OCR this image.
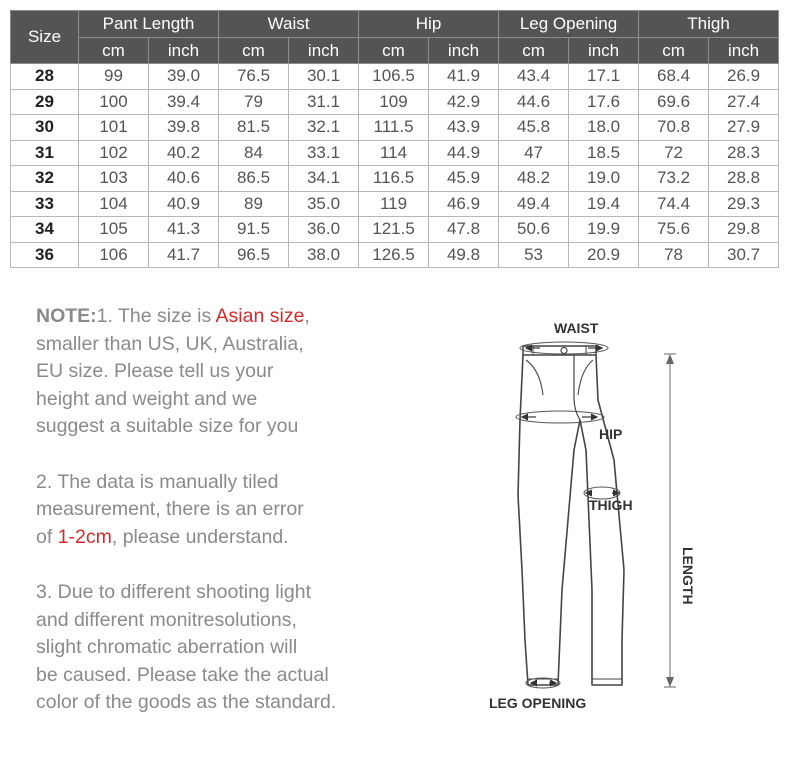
Size	Pant Length		Waist		Hip		Leg Opening		Thigh	
	cm	inch	cm	inch	cm	inch	cm	inch	cm	inch
28	99	39.0	76.5	30.1	106.5	41.9	43.4	17.1	68.4	26.9
29	100	39.4	79	31.1	109	42.9	44.6	17.6	69.6	27.4
30	101	39.8	81.5	32.1	111.5	43.9	45.8	18.0	70.8	27.9
31	102	40.2	84	33.1	114	44.9	47	18.5	72	28.3
32	103	40.6	86.5	34.1	116.5	45.9	48.2	19.0	73.2	28.8
33	104	40.9	89	35.0	119	46.9	49.4	19.4	74.4	29.3
34	105	41.3	91.5	36.0	121.5	47.8	50.6	19.9	75.6	29.8
36	106	41.7	96.5	38.0	126.5	49.8	53	20.9	78	30.7

NOTE:1. The size is Asian size,
smaller than US, UK, Australia,
EU size. Please tell us your
height and weight and we
suggest a suitable size for you

2. The data is manually tiled
measurement, there is an error
of 1-2cm, please understand.

3. Due to different shooting light
and different monitresolutions,
slight chromatic aberration will
be caused. Please take the actual
color of the goods as the standard.

WAIST
HIP
THIGH
LENGTH
LEG OPENING
